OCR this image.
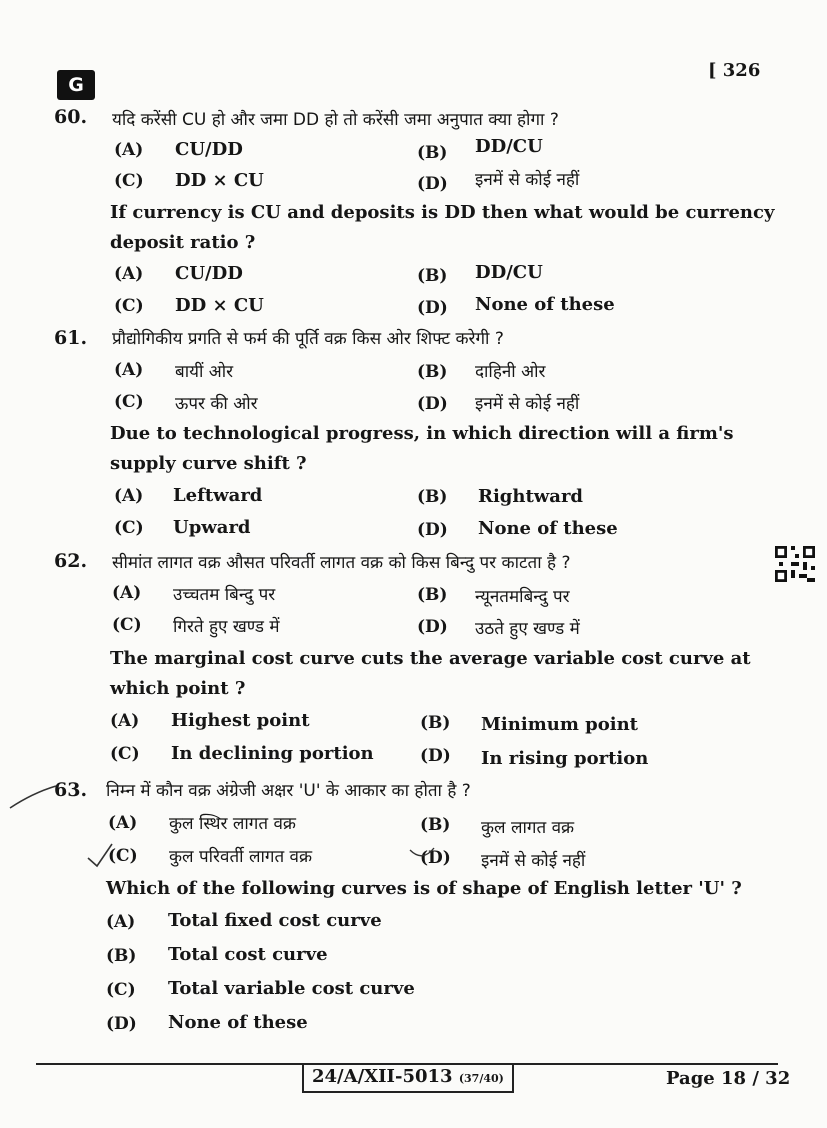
G
[ 326
60. यदि करेंसी CU हो और जमा DD हो तो करेंसी जमा अनुपात क्या होगा ?
(A) CU/DD	(B) DD/CU
(C) DD × CU	(D) इनमें से कोई नहीं
If currency is CU and deposits is DD then what would be currency deposit ratio ?
(A) CU/DD	(B) DD/CU
(C) DD × CU	(D) None of these
61. प्रौद्योगिकीय प्रगति से फर्म की पूर्ति वक्र किस ओर शिफ्ट करेगी ?
(A) बायीं ओर	(B) दाहिनी ओर
(C) ऊपर की ओर	(D) इनमें से कोई नहीं
Due to technological progress, in which direction will a firm's supply curve shift ?
(A) Leftward	(B) Rightward
(C) Upward	(D) None of these
62. सीमांत लागत वक्र औसत परिवर्ती लागत वक्र को किस बिन्दु पर काटता है ?
(A) उच्चतम बिन्दु पर	(B) न्यूनतमबिन्दु पर
(C) गिरते हुए खण्ड में	(D) उठते हुए खण्ड में
The marginal cost curve cuts the average variable cost curve at which point ?
(A) Highest point	(B) Minimum point
(C) In declining portion	(D) In rising portion
63. निम्न में कौन वक्र अंग्रेजी अक्षर 'U' के आकार का होता है ?
(A) कुल स्थिर लागत वक्र	(B) कुल लागत वक्र
(C) कुल परिवर्ती लागत वक्र	(D) इनमें से कोई नहीं
Which of the following curves is of shape of English letter 'U' ?
(A) Total fixed cost curve
(B) Total cost curve
(C) Total variable cost curve
(D) None of these
24/A/XII-5013 (37/40)	Page 18 / 32
